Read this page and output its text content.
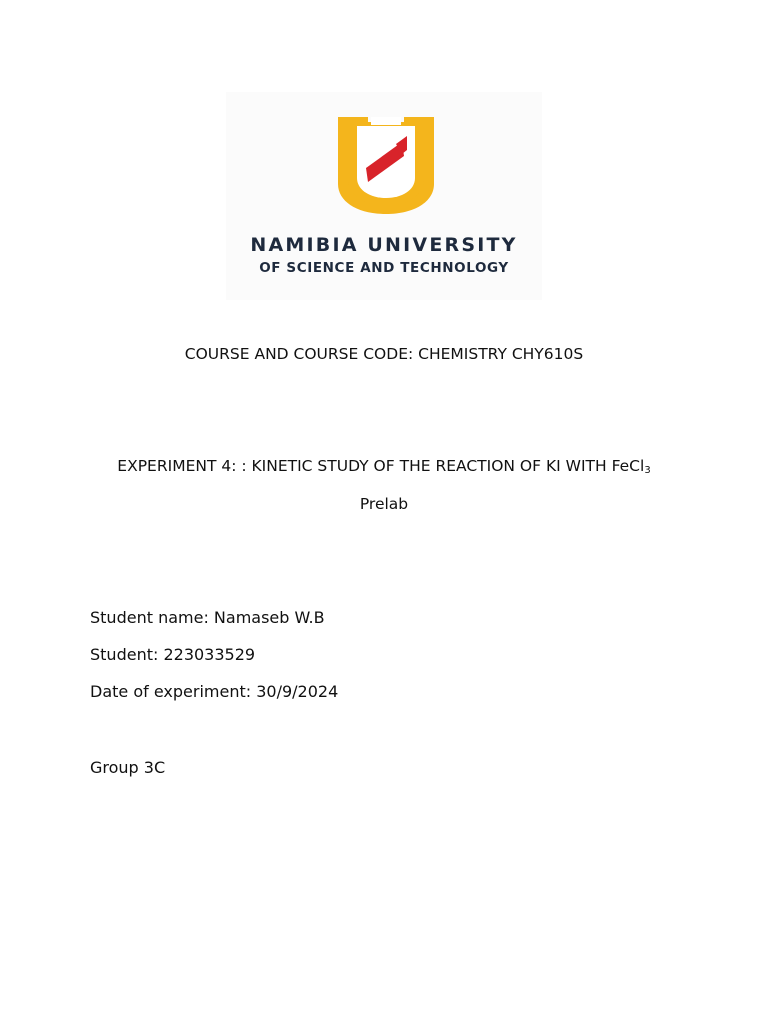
NAMIBIA UNIVERSITY
OF SCIENCE AND TECHNOLOGY
COURSE AND COURSE CODE: CHEMISTRY CHY610S
EXPERIMENT 4: : KINETIC STUDY OF THE REACTION OF KI WITH FeCl$_3$
Prelab
Student name: Namaseb W.B
Student: 223033529
Date of experiment: 30/9/2024
Group 3C
